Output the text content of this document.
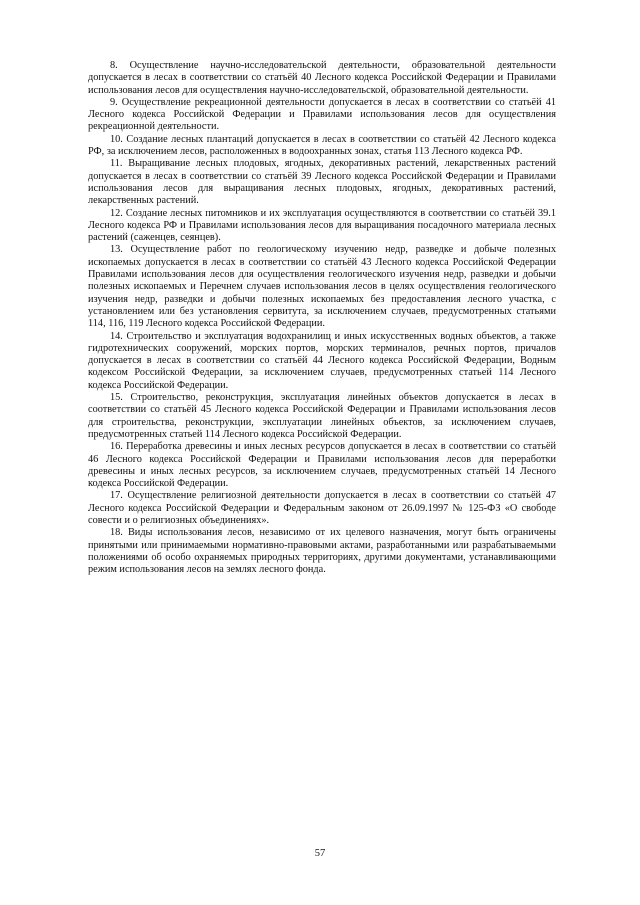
8. Осуществление научно-исследовательской деятельности, образовательной деятельности допускается в лесах в соответствии со статьёй 40 Лесного кодекса Российской Федерации и Правилами использования лесов для осуществления научно-исследовательской, образовательной деятельности.

9. Осуществление рекреационной деятельности допускается в лесах в соответствии со статьёй 41 Лесного кодекса Российской Федерации и Правилами использования лесов для осуществления рекреационной деятельности.

10. Создание лесных плантаций допускается в лесах в соответствии со статьёй 42 Лесного кодекса РФ, за исключением лесов, расположенных в водоохранных зонах, статья 113 Лесного кодекса РФ.

11. Выращивание лесных плодовых, ягодных, декоративных растений, лекарственных растений допускается в лесах в соответствии со статьёй 39 Лесного кодекса Российской Федерации и Правилами использования лесов для выращивания лесных плодовых, ягодных, декоративных растений, лекарственных растений.

12. Создание лесных питомников и их эксплуатация осуществляются в соответствии со статьёй 39.1 Лесного кодекса РФ и Правилами использования лесов для выращивания посадочного материала лесных растений (саженцев, сеянцев).

13. Осуществление работ по геологическому изучению недр, разведке и добыче полезных ископаемых допускается в лесах в соответствии со статьёй 43 Лесного кодекса Российской Федерации Правилами использования лесов для осуществления геологического изучения недр, разведки и добычи полезных ископаемых и Перечнем случаев использования лесов в целях осуществления геологического изучения недр, разведки и добычи полезных ископаемых без предоставления лесного участка, с установлением или без установления сервитута, за исключением случаев, предусмотренных статьями 114, 116, 119 Лесного кодекса Российской Федерации.

14. Строительство и эксплуатация водохранилищ и иных искусственных водных объектов, а также гидротехнических сооружений, морских портов, морских терминалов, речных портов, причалов допускается в лесах в соответствии со статьёй 44 Лесного кодекса Российской Федерации, Водным кодексом Российской Федерации, за исключением случаев, предусмотренных статьей 114 Лесного кодекса Российской Федерации.

15. Строительство, реконструкция, эксплуатация линейных объектов допускается в лесах в соответствии со статьёй 45 Лесного кодекса Российской Федерации и Правилами использования лесов для строительства, реконструкции, эксплуатации линейных объектов, за исключением случаев, предусмотренных статьей 114 Лесного кодекса Российской Федерации.

16. Переработка древесины и иных лесных ресурсов допускается в лесах в соответствии со статьёй 46 Лесного кодекса Российской Федерации и Правилами использования лесов для переработки древесины и иных лесных ресурсов, за исключением случаев, предусмотренных статьёй 14 Лесного кодекса Российской Федерации.

17. Осуществление религиозной деятельности допускается в лесах в соответствии со статьёй 47 Лесного кодекса Российской Федерации и Федеральным законом от 26.09.1997 № 125-ФЗ «О свободе совести и о религиозных объединениях».

18. Виды использования лесов, независимо от их целевого назначения, могут быть ограничены принятыми или принимаемыми нормативно-правовыми актами, разработанными или разрабатываемыми положениями об особо охраняемых природных территориях, другими документами, устанавливающими режим использования лесов на землях лесного фонда.

57
